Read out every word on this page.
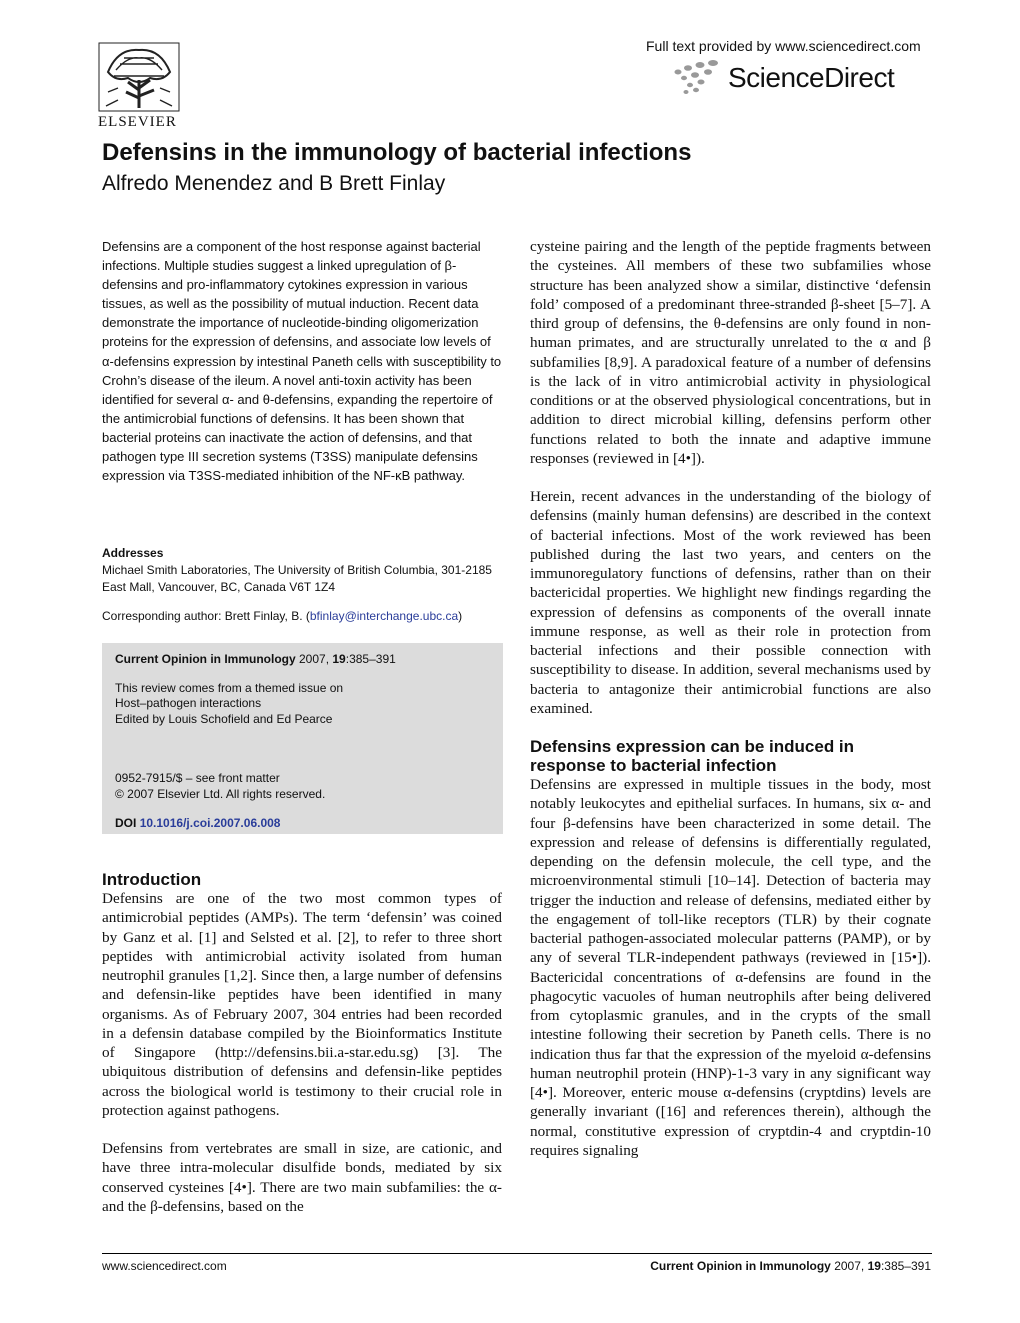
ELSEVIER
Full text provided by www.sciencedirect.com
ScienceDirect
Defensins in the immunology of bacterial infections
Alfredo Menendez and B Brett Finlay

Defensins are a component of the host response against bacterial infections. Multiple studies suggest a linked upregulation of β-defensins and pro-inflammatory cytokines expression in various tissues, as well as the possibility of mutual induction. Recent data demonstrate the importance of nucleotide-binding oligomerization proteins for the expression of defensins, and associate low levels of α-defensins expression by intestinal Paneth cells with susceptibility to Crohn’s disease of the ileum. A novel anti-toxin activity has been identified for several α- and θ-defensins, expanding the repertoire of the antimicrobial functions of defensins. It has been shown that bacterial proteins can inactivate the action of defensins, and that pathogen type III secretion systems (T3SS) manipulate defensins expression via T3SS-mediated inhibition of the NF-κB pathway.

Addresses

Michael Smith Laboratories, The University of British Columbia, 301-2185 East Mall, Vancouver, BC, Canada V6T 1Z4

Corresponding author: Brett Finlay, B. (bfinlay@interchange.ubc.ca)

Current Opinion in Immunology 2007, 19:385–391
This review comes from a themed issue on
Host–pathogen interactions
Edited by Louis Schofield and Ed Pearce
0952-7915/$ – see front matter
© 2007 Elsevier Ltd. All rights reserved.
DOI 10.1016/j.coi.2007.06.008

Introduction

Defensins are one of the two most common types of antimicrobial peptides (AMPs). The term ‘defensin’ was coined by Ganz et al. [1] and Selsted et al. [2], to refer to three short peptides with antimicrobial activity isolated from human neutrophil granules [1,2]. Since then, a large number of defensins and defensin-like peptides have been identified in many organisms. As of February 2007, 304 entries had been recorded in a defensin database compiled by the Bioinformatics Institute of Singapore (http://defensins.bii.a-star.edu.sg) [3]. The ubiquitous distribution of defensins and defensin-like peptides across the biological world is testimony to their crucial role in protection against pathogens.

Defensins from vertebrates are small in size, are cationic, and have three intra-molecular disulfide bonds, mediated by six conserved cysteines [4•]. There are two main subfamilies: the α- and the β-defensins, based on the

cysteine pairing and the length of the peptide fragments between the cysteines. All members of these two subfamilies whose structure has been analyzed show a similar, distinctive ‘defensin fold’ composed of a predominant three-stranded β-sheet [5–7]. A third group of defensins, the θ-defensins are only found in non-human primates, and are structurally unrelated to the α and β subfamilies [8,9]. A paradoxical feature of a number of defensins is the lack of in vitro antimicrobial activity in physiological conditions or at the observed physiological concentrations, but in addition to direct microbial killing, defensins perform other functions related to both the innate and adaptive immune responses (reviewed in [4•]).

Herein, recent advances in the understanding of the biology of defensins (mainly human defensins) are described in the context of bacterial infections. Most of the work reviewed has been published during the last two years, and centers on the immunoregulatory functions of defensins, rather than on their bactericidal properties. We highlight new findings regarding the expression of defensins as components of the overall innate immune response, as well as their role in protection from bacterial infections and their possible connection with susceptibility to disease. In addition, several mechanisms used by bacteria to antagonize their antimicrobial functions are also examined.

Defensins expression can be induced in response to bacterial infection

Defensins are expressed in multiple tissues in the body, most notably leukocytes and epithelial surfaces. In humans, six α- and four β-defensins have been characterized in some detail. The expression and release of defensins is differentially regulated, depending on the defensin molecule, the cell type, and the microenvironmental stimuli [10–14]. Detection of bacteria may trigger the induction and release of defensins, mediated either by the engagement of toll-like receptors (TLR) by their cognate bacterial pathogen-associated molecular patterns (PAMP), or by any of several TLR-independent pathways (reviewed in [15•]). Bactericidal concentrations of α-defensins are found in the phagocytic vacuoles of human neutrophils after being delivered from cytoplasmic granules, and in the crypts of the small intestine following their secretion by Paneth cells. There is no indication thus far that the expression of the myeloid α-defensins human neutrophil protein (HNP)-1-3 vary in any significant way [4•]. Moreover, enteric mouse α-defensins (cryptdins) levels are generally invariant ([16] and references therein), although the normal, constitutive expression of cryptdin-4 and cryptdin-10 requires signaling

www.sciencedirect.com	Current Opinion in Immunology 2007, 19:385–391
